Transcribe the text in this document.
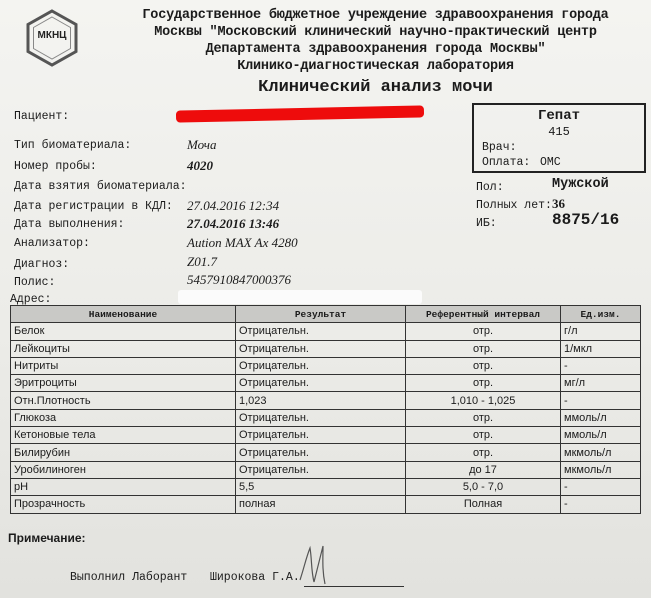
МКНЦ
Государственное бюджетное учреждение здравоохранения города
Москвы "Московский клинический научно-практический центр
Департамента здравоохранения города Москвы"
Клинико-диагностическая лаборатория
Клинический анализ мочи
Пациент:
Тип биоматериала:	Моча
Номер пробы:	4020
Дата взятия биоматериала:
Дата регистрации в КДЛ: 27.04.2016 12:34
Дата выполнения:	27.04.2016 13:46
Анализатор:	Aution MAX Ax 4280
Диагноз:	Z01.7
Полис:	5457910847000376
Адрес:
Гепат
415
Врач:
Оплата: ОМС
Пол:	Мужской
Полных лет: 36
ИБ:	8875/16
Наименование	Результат	Референтный интервал	Ед.изм.
Белок	Отрицательн.	отр.	г/л
Лейкоциты	Отрицательн.	отр.	1/мкл
Нитриты	Отрицательн.	отр.	-
Эритроциты	Отрицательн.	отр.	мг/л
Отн.Плотность	1,023	1,010 - 1,025	-
Глюкоза	Отрицательн.	отр.	ммоль/л
Кетоновые тела	Отрицательн.	отр.	ммоль/л
Билирубин	Отрицательн.	отр.	мкмоль/л
Уробилиноген	Отрицательн.	до 17	мкмоль/л
pH	5,5	5,0 - 7,0	-
Прозрачность	полная	Полная	-
Примечание:
Выполнил Лаборант Широкова Г.А.
